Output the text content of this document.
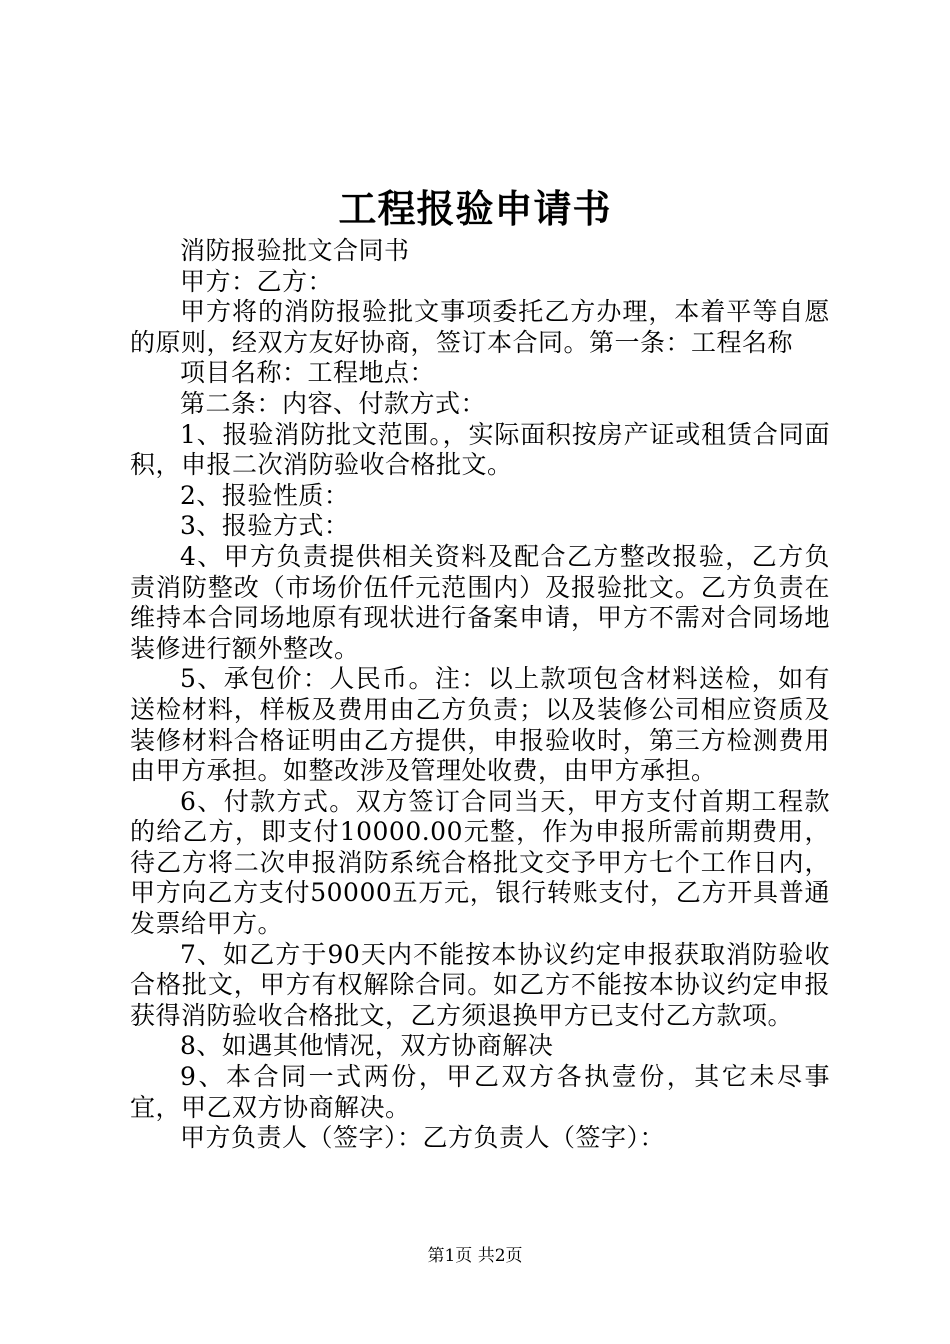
工程报验申请书

消防报验批文合同书

甲方：乙方：

甲方将的消防报验批文事项委托乙方办理，本着平等自愿的原则，经双方友好协商，签订本合同。第一条：工程名称

项目名称：工程地点：

第二条：内容、付款方式：

1、报验消防批文范围。，实际面积按房产证或租赁合同面积，申报二次消防验收合格批文。

2、报验性质：

3、报验方式：

4、甲方负责提供相关资料及配合乙方整改报验，乙方负责消防整改（市场价伍仟元范围内）及报验批文。乙方负责在维持本合同场地原有现状进行备案申请，甲方不需对合同场地装修进行额外整改。

5、承包价：人民币。注：以上款项包含材料送检，如有送检材料，样板及费用由乙方负责；以及装修公司相应资质及装修材料合格证明由乙方提供，申报验收时，第三方检测费用由甲方承担。如整改涉及管理处收费，由甲方承担。

6、付款方式。双方签订合同当天，甲方支付首期工程款的给乙方，即支付10000.00元整，作为申报所需前期费用，待乙方将二次申报消防系统合格批文交予甲方七个工作日内，甲方向乙方支付50000五万元，银行转账支付，乙方开具普通发票给甲方。

7、如乙方于90天内不能按本协议约定申报获取消防验收合格批文，甲方有权解除合同。如乙方不能按本协议约定申报获得消防验收合格批文，乙方须退换甲方已支付乙方款项。

8、如遇其他情况，双方协商解决

9、本合同一式两份，甲乙双方各执壹份，其它未尽事宜，甲乙双方协商解决。

甲方负责人（签字）：乙方负责人（签字）：

第1页 共2页
